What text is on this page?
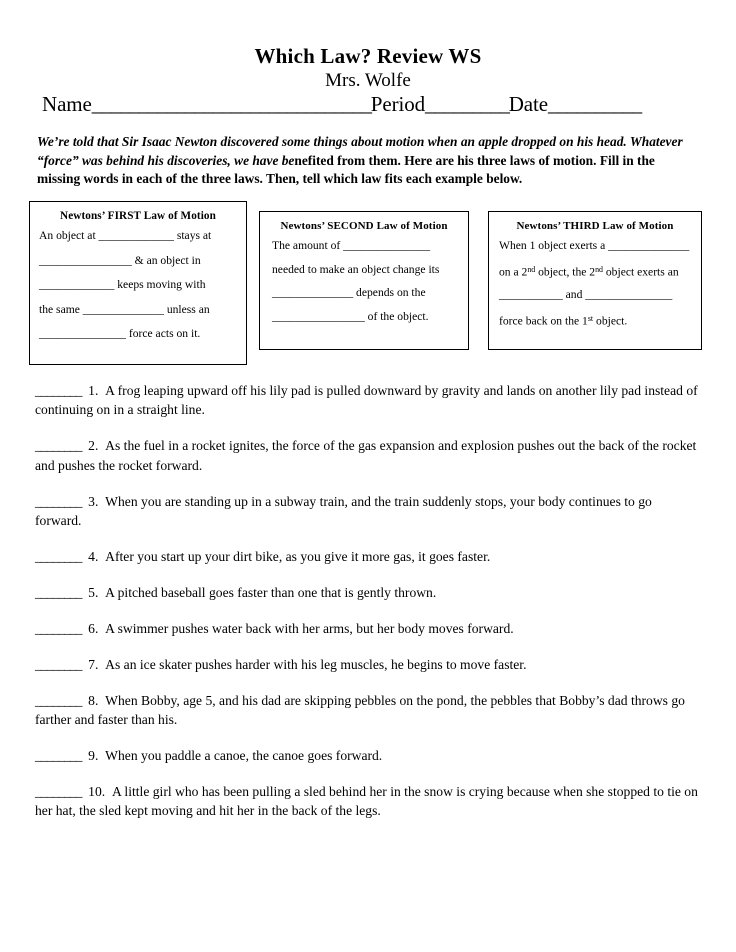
Which Law? Review WS
Mrs. Wolfe
Name______________________________Period_________Date__________
We’re told that Sir Isaac Newton discovered some things about motion when an apple dropped on his head. Whatever “force” was behind his discoveries, we have benefited from them. Here are his three laws of motion. Fill in the missing words in each of the three laws. Then, tell which law fits each example below.
Newtons’ FIRST Law of Motion
An object at _____________ stays at
________________ & an object in
_____________ keeps moving with
the same ______________ unless an
_______________ force acts on it.
Newtons’ SECOND Law of Motion
The amount of _______________
needed to make an object change its
______________ depends on the
________________ of the object.
Newtons’ THIRD Law of Motion
When 1 object exerts a ______________
on a 2nd object, the 2nd object exerts an
___________ and _______________
force back on the 1st object.
________ 1. A frog leaping upward off his lily pad is pulled downward by gravity and lands on another lily pad instead of continuing on in a straight line.
________ 2. As the fuel in a rocket ignites, the force of the gas expansion and explosion pushes out the back of the rocket and pushes the rocket forward.
________ 3. When you are standing up in a subway train, and the train suddenly stops, your body continues to go forward.
________ 4. After you start up your dirt bike, as you give it more gas, it goes faster.
________ 5. A pitched baseball goes faster than one that is gently thrown.
________ 6. A swimmer pushes water back with her arms, but her body moves forward.
________ 7. As an ice skater pushes harder with his leg muscles, he begins to move faster.
________ 8. When Bobby, age 5, and his dad are skipping pebbles on the pond, the pebbles that Bobby’s dad throws go farther and faster than his.
________ 9. When you paddle a canoe, the canoe goes forward.
________ 10. A little girl who has been pulling a sled behind her in the snow is crying because when she stopped to tie on her hat, the sled kept moving and hit her in the back of the legs.
